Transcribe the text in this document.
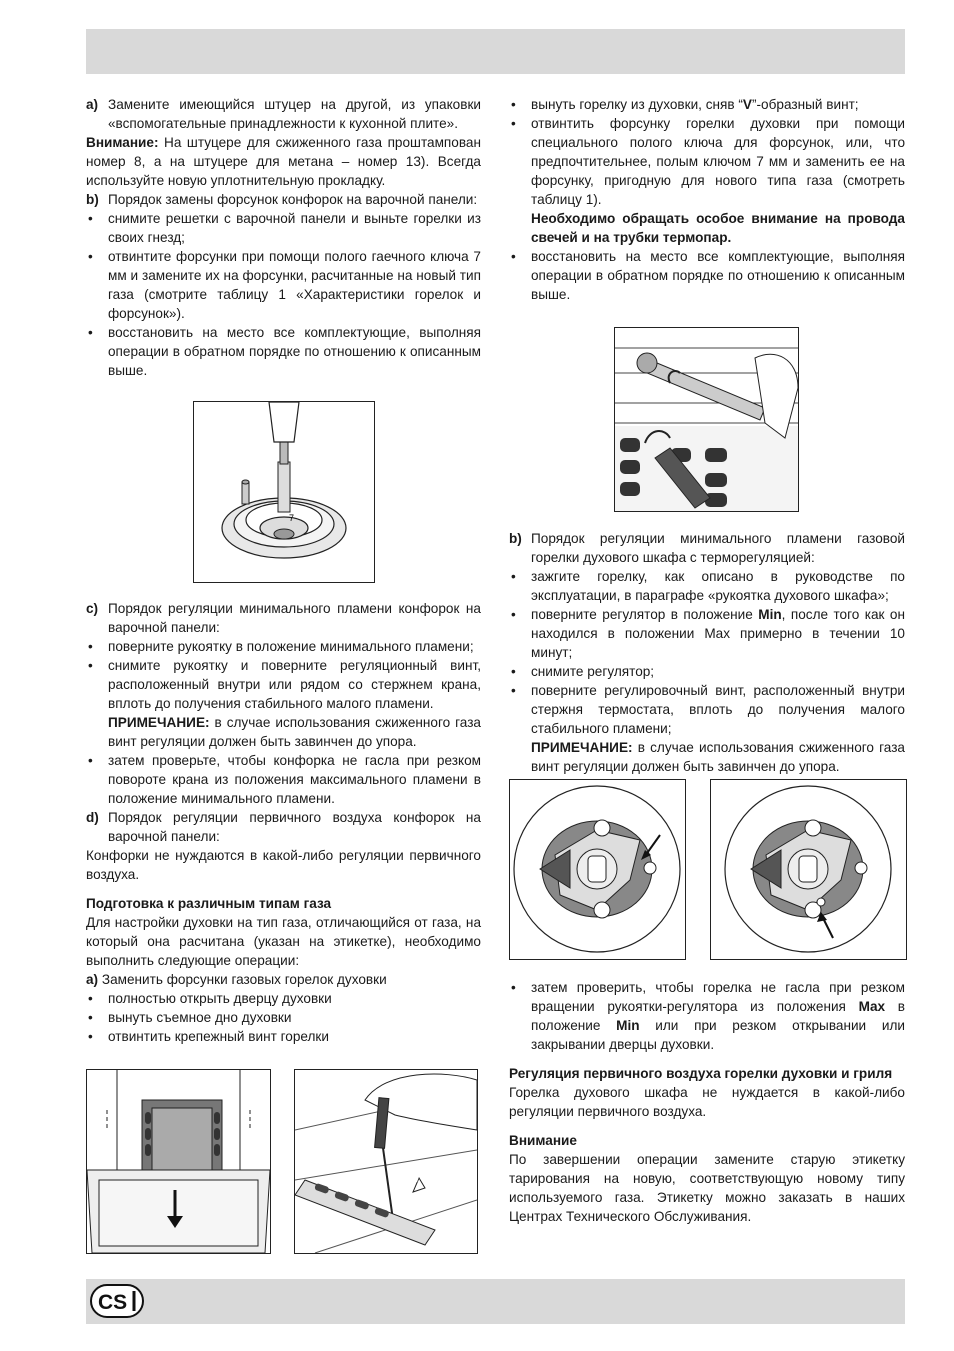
a) Замените имеющийся штуцер на другой, из упаковки «вспомогательные принадлежности к кухонной плите».

Внимание: На штуцере для сжиженного газа проштампован номер 8, а на штуцере для метана – номер 13). Всегда используйте новую уплотнительную прокладку.

b) Порядок замены форсунок конфорок на варочной панели:
• снимите решетки с варочной панели и выньте горелки из своих гнезд;
• отвинтите форсунки при помощи полого гаечного ключа 7 мм и замените их на форсунки, расчитанные на новый тип газа (смотрите таблицу 1 «Характеристики горелок и форсунок»).
• восстановить на место все комплектующие, выполняя операции в обратном порядке по отношению к описанным выше.
7
c) Порядок регуляции минимального пламени конфорок на варочной панели:
• поверните рукоятку в положение минимального пламени;
• снимите рукоятку и поверните регуляционный винт, расположенный внутри или рядом со стержнем крана, вплоть до получения стабильного малого пламени.
ПРИМЕЧАНИЕ: в случае использования сжиженного газа винт регуляции должен быть завинчен до упора.
• затем проверьте, чтобы конфорка не гасла при резком повороте крана из положения максимального пламени в положение минимального пламени.
d) Порядок регуляции первичного воздуха конфорок на варочной панели:

Конфорки не нуждаются в какой-либо регуляции первичного воздуха.

Подготовка к различным типам газа

Для настройки духовки на тип газа, отличающийся от газа, на который она расчитана (указан на этикетке), необходимо выполнить следующие операции:

a) Заменить форсунки газовых горелок духовки

• полностью открыть дверцу духовки
• вынуть съемное дно духовки
• отвинтить крепежный винт горелки
V
• вынуть горелку из духовки, сняв “V”-образный винт;
• отвинтить форсунку горелки духовки при помощи специального полого ключа для форсунок, или, что предпочтительнее, полым ключом 7 мм и заменить ее на форсунку, пригодную для нового типа газа (смотреть таблицу 1).
Необходимо обращать особое внимание на провода свечей и на трубки термопар.
• восстановить на место все комплектующие, выполняя операции в обратном порядке по отношению к описанным выше.
b) Порядок регуляции минимального пламени газовой горелки духового шкафа с терморегуляцией:
• зажгите горелку, как описано в руководстве по эксплуатации, в параграфе «рукоятка духового шкафа»;
• поверните регулятор в положение Min, после того как он находился в положении Max примерно в течении 10 минут;
• снимите регулятор;
• поверните регулировочный винт, расположенный внутри стержня термостата, вплоть до получения малого стабильного пламени;
ПРИМЕЧАНИЕ: в случае использования сжиженного газа винт регуляции должен быть завинчен до упора.
• затем проверить, чтобы горелка не гасла при резком вращении рукоятки-регулятора из положения Max в положение Min или при резком открывании или закрывании дверцы духовки.

Регуляция первичного воздуха горелки духовки и гриля

Горелка духового шкафа не нуждается в какой-либо регуляции первичного воздуха.

Внимание

По завершении операции замените старую этикетку тарирования на новую, соответствующую новому типу используемого газа. Этикетку можно заказать в наших Центрах Технического Обслуживания.

CS
